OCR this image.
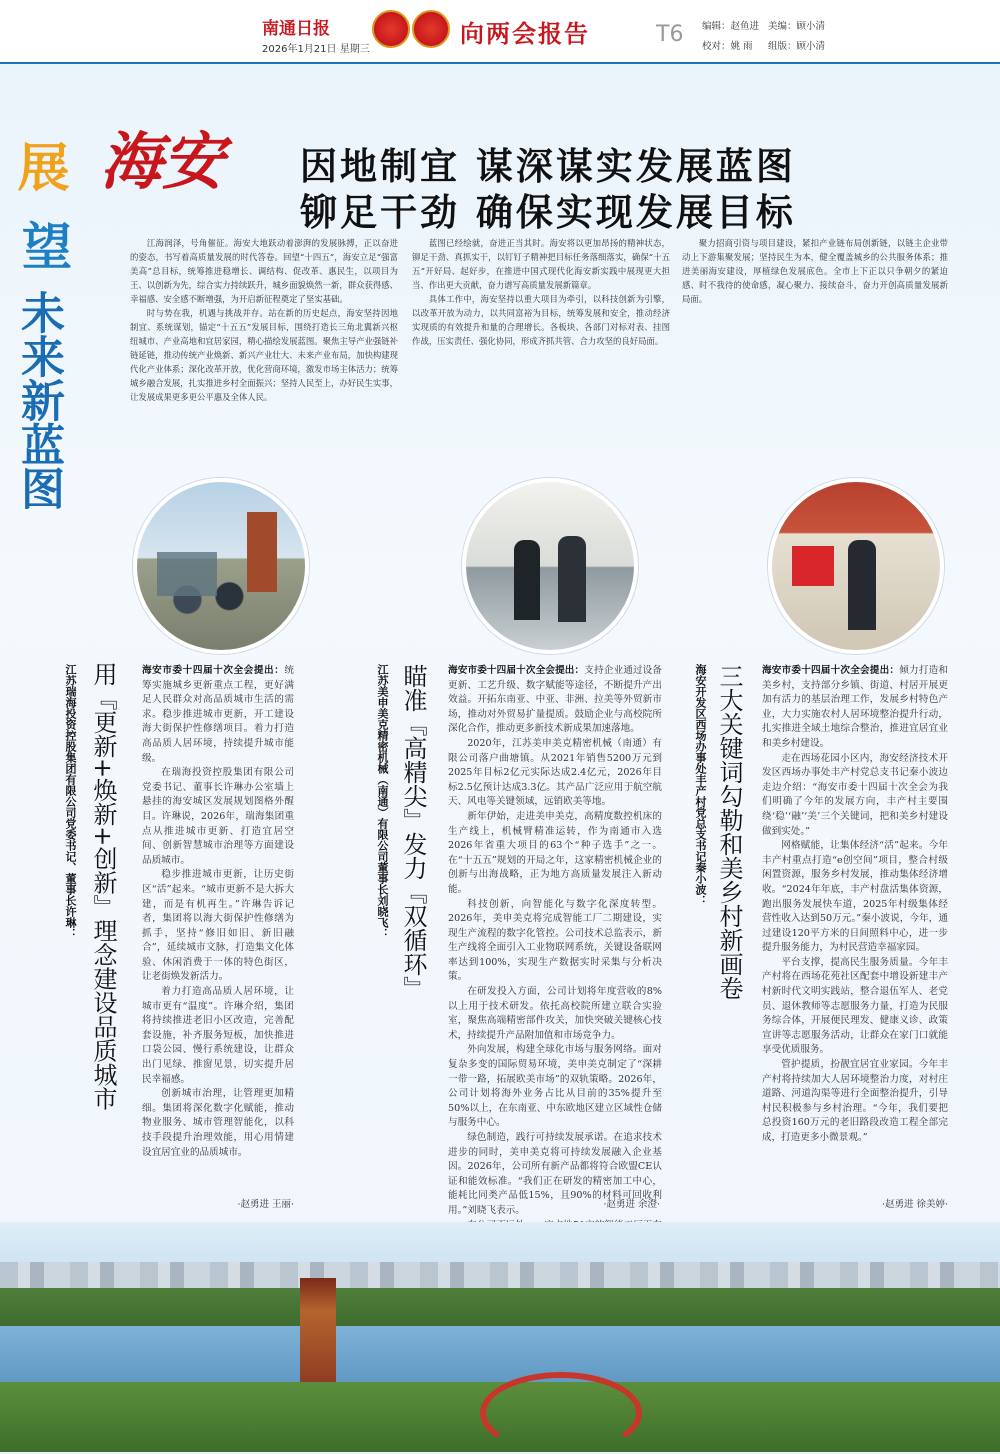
南通日报
2026年1月21日 星期三
向两会报告	T6 编辑：赵鱼进 美编：顾小清
校对：姚 雨 组版：顾小清
展
望
未来新蓝图
海安 因地制宜 谋深谋实发展蓝图
铆足干劲 确保实现发展目标

江海润泽，号角催征。海安大地跃动着澎湃的发展脉搏，正以奋进的姿态，书写着高质量发展的时代答卷。回望“十四五”，海安立足“强富美高”总目标，统筹推进稳增长、调结构、促改革、惠民生，以项目为王、以创新为先，综合实力持续跃升，城乡面貌焕然一新，群众获得感、幸福感、安全感不断增强，为开启新征程奠定了坚实基础。

时与势在我，机遇与挑战并存。站在新的历史起点，海安坚持因地制宜、系统谋划，锚定“十五五”发展目标，围绕打造长三角北翼新兴枢纽城市、产业高地和宜居家园，精心描绘发展蓝图。聚焦主导产业强链补链延链，推动传统产业焕新、新兴产业壮大、未来产业布局，加快构建现代化产业体系；深化改革开放，优化营商环境，激发市场主体活力；统筹城乡融合发展，扎实推进乡村全面振兴；坚持人民至上，办好民生实事，让发展成果更多更公平惠及全体人民。

蓝图已经绘就，奋进正当其时。海安将以更加昂扬的精神状态，铆足干劲、真抓实干，以钉钉子精神把目标任务落细落实，确保“十五五”开好局、起好步，在推进中国式现代化海安新实践中展现更大担当、作出更大贡献，奋力谱写高质量发展新篇章。

具体工作中，海安坚持以重大项目为牵引，以科技创新为引擎，以改革开放为动力，以共同富裕为目标，统筹发展和安全，推动经济实现质的有效提升和量的合理增长。各板块、各部门对标对表、挂图作战，压实责任、强化协同，形成齐抓共管、合力攻坚的良好局面。

聚力招商引资与项目建设，紧扣产业链布局创新链，以链主企业带动上下游集聚发展；坚持民生为本，健全覆盖城乡的公共服务体系；推进美丽海安建设，厚植绿色发展底色。全市上下正以只争朝夕的紧迫感、时不我待的使命感，凝心聚力、接续奋斗，奋力开创高质量发展新局面。

用『更新+焕新+创新』理念建设品质城市
江苏瑞海投资控股集团有限公司党委书记、董事长许琳：	海安市委十四届十次全会提出：统筹实施城乡更新重点工程，更好满足人民群众对高品质城市生活的需求。稳步推进城市更新，开工建设海大街保护性修缮项目。着力打造高品质人居环境，持续提升城市能级。

在瑞海投资控股集团有限公司党委书记、董事长许琳办公室墙上悬挂的海安城区发展规划图格外醒目。许琳说，2026年，瑞海集团重点从推进城市更新、打造宜居空间、创新智慧城市治理等方面建设品质城市。

稳步推进城市更新，让历史街区“活”起来。“城市更新不是大拆大建，而是有机再生。”许琳告诉记者，集团将以海大街保护性修缮为抓手，坚持“修旧如旧、新旧融合”，延续城市文脉，打造集文化体验、休闲消费于一体的特色街区，让老街焕发新活力。

着力打造高品质人居环境，让城市更有“温度”。许琳介绍，集团将持续推进老旧小区改造，完善配套设施，补齐服务短板，加快推进口袋公园、慢行系统建设，让群众出门见绿、推窗见景，切实提升居民幸福感。

创新城市治理，让管理更加精细。集团将深化数字化赋能，推动物业服务、城市管理智能化，以科技手段提升治理效能，用心用情建设宜居宜业的品质城市。

·赵勇进 王丽·
瞄准『高精尖』发力『双循环』
江苏美申美克精密机械（南通）有限公司董事长刘晓飞：	海安市委十四届十次全会提出：支持企业通过设备更新、工艺升级、数字赋能等途径，不断提升产出效益。开拓东南亚、中亚、非洲、拉美等外贸新市场，推动对外贸易扩量提质。鼓励企业与高校院所深化合作，推动更多新技术新成果加速落地。

2020年，江苏美申美克精密机械（南通）有限公司落户曲塘镇。从2021年销售5200万元到2025年目标2亿元实际达成2.4亿元，2026年目标2.5亿预计达成3.3亿。其产品广泛应用于航空航天、风电等关键领域，远销欧美等地。

新年伊始，走进美申美克，高精度数控机床的生产线上，机械臂精准运转，作为南通市入选2026年省重大项目的63个“种子选手”之一。在“十五五”规划的开局之年，这家精密机械企业的创新与出海战略，正为地方高质量发展注入新动能。

科技创新，向智能化与数字化深度转型。2026年，美申美克将完成智能工厂二期建设，实现生产流程的数字化管控。公司技术总监表示，新生产线将全面引入工业物联网系统，关键设备联网率达到100%，实现生产数据实时采集与分析决策。

在研发投入方面，公司计划将年度营收的8%以上用于技术研发。依托高校院所建立联合实验室，聚焦高端精密部件攻关，加快突破关键核心技术，持续提升产品附加值和市场竞争力。

外向发展，构建全球化市场与服务网络。面对复杂多变的国际贸易环境，美申美克制定了“深耕一带一路，拓展欧美市场”的双轨策略。2026年，公司计划将海外业务占比从目前的35%提升至50%以上，在东南亚、中东欧地区建立区域性仓储与服务中心。

绿色制造，践行可持续发展承诺。在追求技术进步的同时，美申美克将可持续发展融入企业基因。2026年，公司所有新产品都将符合欧盟CE认证和能效标准。“我们正在研发的精密加工中心，能耗比同类产品低15%，且90%的材料可回收利用。”刘晓飞表示。

·赵勇进 余澄·
三大关键词勾勒和美乡村新画卷
海安开发区西场办事处丰产村党总支书记秦小波：	海安市委十四届十次全会提出：倾力打造和美乡村，支持部分乡镇、街道、村居开展更加有活力的基层治理工作，发展乡村特色产业，大力实施农村人居环境整治提升行动，扎实推进全域土地综合整治，推进宜居宜业和美乡村建设。

走在西场花园小区内，海安经济技术开发区西场办事处丰产村党总支书记秦小波边走边介绍：“海安市委十四届十次全会为我们明确了今年的发展方向，丰产村主要围绕‘稳’‘融’‘美’三个关键词，把和美乡村建设做到实处。”

网格赋能，让集体经济“活”起来。今年丰产村重点打造“e创空间”项目，整合村级闲置资源，服务乡村发展，推动集体经济增收。“2024年年底，丰产村盘活集体资源，跑出服务发展快车道，2025年村级集体经营性收入达到50万元。”秦小波说，今年，通过建设120平方米的日间照料中心，进一步提升服务能力，为村民营造幸福家园。

平台支撑，提高民生服务质量。今年丰产村将在西场花苑社区配套中增设新建丰产村新时代文明实践站，整合退伍军人、老党员、退休教师等志愿服务力量，打造为民服务综合体，开展便民理发、健康义诊、政策宣讲等志愿服务活动，让群众在家门口就能享受优质服务。

管护提质，扮靓宜居宜业家园。今年丰产村将持续加大人居环境整治力度，对村庄道路、河道沟渠等进行全面整治提升，引导村民积极参与乡村治理。“今年，我们要把总投资160万元的老旧路段改造工程全部完成，打造更多小微景观。”

·赵勇进 徐美婷·
